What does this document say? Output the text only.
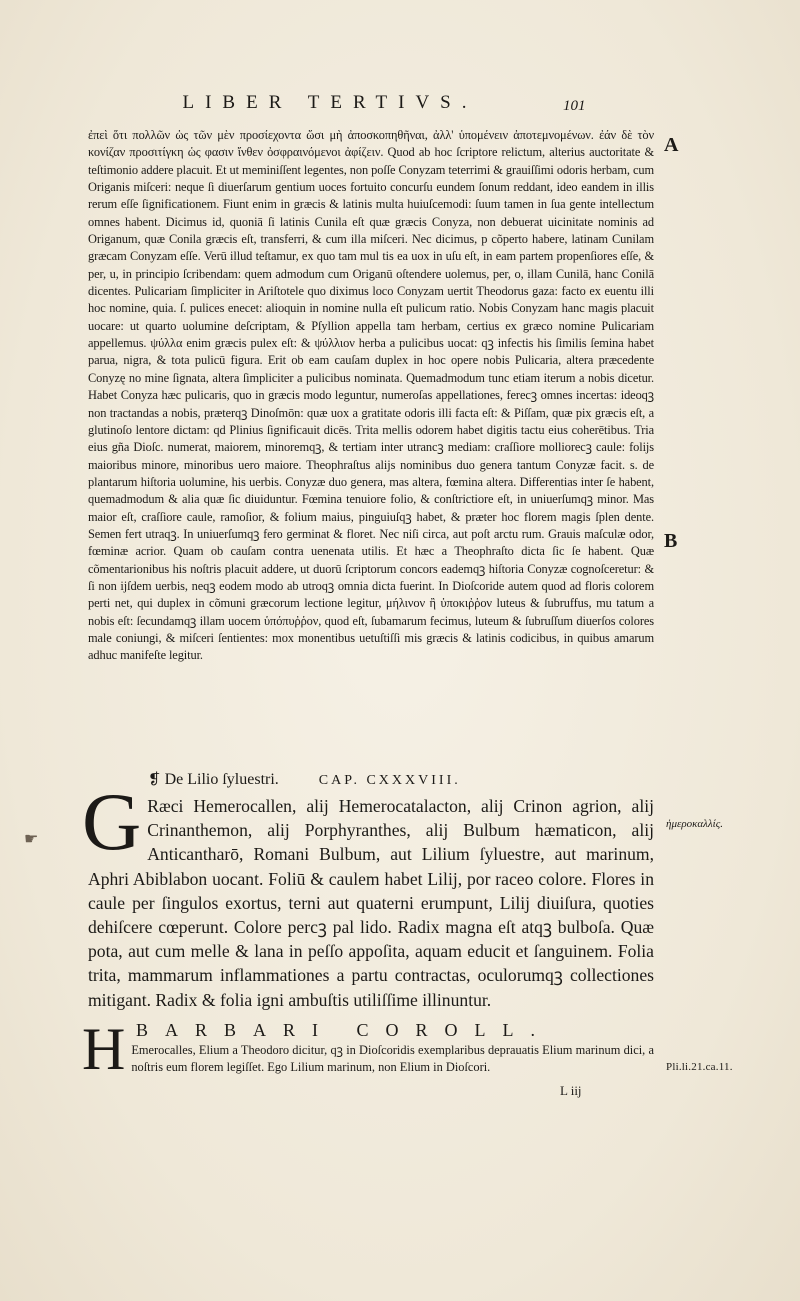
LIBER TERTIVS.	101

ἐπεὶ ὅτι πολλῶν ὡς τῶν μὲν προσίεχοντα ὥσι μὴ ἀποσκοπηθῆναι, ἀλλ' ὑπομένειν ἀποτεμνομένων. ἐάν δὲ τὸν κονίζαν προσιτίγκη ὡς φασιν ἴνθεν ὀσφραινόμενοι ἀφίζειν. Quod ab hoc ſcriptore relictum, alterius auctoritate & teſtimonio addere placuit. Et ut meminiſſent legentes, non poſſe Conyzam teterrimi & grauiſſimi odoris herbam, cum Origanis miſceri: neque ſi diuerſarum gentium uoces fortuito concurſu eundem ſonum reddant, ideo eandem in illis rerum eſſe ſignificationem. Fiunt enim in græcis & latinis multa huiuſcemodi: ſuum tamen in ſua gente intellectum omnes habent. Dicimus id, quoniā ſi latinis Cunila eſt quæ græcis Conyza, non debuerat uicinitate nominis ad Origanum, quæ Conila græcis eſt, transferri, & cum illa miſceri. Nec dicimus, p cõperto habere, latinam Cunilam græcam Conyzam eſſe. Verū illud teſtamur, ex quo tam mul tis ea uox in uſu eſt, in eam partem propenſiores eſſe, & per, u, in principio ſcribendam: quem admodum cum Origanū oſtendere uolemus, per, o, illam Cunilā, hanc Conilā dicentes. Pulicariam ſimpliciter in Ariſtotele quo diximus loco Conyzam uertit Theodorus gaza: facto ex euentu illi hoc nomine, quia. ſ. pulices enecet: alioquin in nomine nulla eſt pulicum ratio. Nobis Conyzam hanc magis placuit uocare: ut quarto uolumine deſcriptam, & Pſyllion appella tam herbam, certius ex græco nomine Pulicariam appellemus. ψύλλα enim græcis pulex eſt: & ψύλλιον herba a pulicibus uocat: qꝫ infectis his ſimilis ſemina habet parua, nigra, & tota pulicū figura. Erit ob eam cauſam duplex in hoc opere nobis Pulicaria, altera præcedente Conyzę no mine ſignata, altera ſimpliciter a pulicibus nominata. Quemadmodum tunc etiam iterum a nobis dicetur. Habet Conyza hæc pulicaris, quo in græcis modo leguntur, numeroſas appellationes, ferecꝫ omnes incertas: ideoqꝫ non tractandas a nobis, præterqꝫ Dinoſmōn: quæ uox a gratitate odoris illi facta eſt: & Piſſam, quæ pix græcis eſt, a glutinoſo lentore dictam: qd Plinius ſignificauit dicēs. Trita mellis odorem habet digitis tactu eius coherētibus. Tria eius gña Dioſc. numerat, maiorem, minoremqꝫ, & tertiam inter utrancꝫ mediam: craſſiore molliorecꝫ caule: folijs maioribus minore, minoribus uero maiore. Theophraſtus alijs nominibus duo genera tantum Conyzæ facit. s. de plantarum hiſtoria uolumine, his uerbis. Conyzæ duo genera, mas altera, fœmina altera. Differentias inter ſe habent, quemadmodum & alia quæ ſic diuiduntur. Fœmina tenuiore folio, & conſtrictiore eſt, in uniuerſumqꝫ minor. Mas maior eſt, craſſiore caule, ramoſior, & folium maius, pinguiuſqꝫ habet, & præter hoc florem magis ſplen dente. Semen fert utraqꝫ. In uniuerſumqꝫ fero germinat & floret. Nec niſi circa, aut poſt arctu rum. Grauis maſculæ odor, fœminæ acrior. Quam ob cauſam contra uenenata utilis. Et hæc a Theophraſto dicta ſic ſe habent. Quæ cõmentarionibus his noſtris placuit addere, ut duorū ſcriptorum concors eademqꝫ hiſtoria Conyzæ cognoſceretur: & ſi non ijſdem uerbis, neqꝫ eodem modo ab utroqꝫ omnia dicta fuerint. In Dioſcoride autem quod ad floris colorem perti net, qui duplex in cõmuni græcorum lectione legitur, μήλινον ἢ ὑποκιῤῥον luteus & ſubruffus, mu tatum a nobis eſt: ſecundamqꝫ illam uocem ὑπόπυῤῥον, quod eſt, ſubamarum fecimus, luteum & ſubruſſum diuerſos colores male coniungi, & miſceri ſentientes: mox monentibus uetuſtiſſi mis græcis & latinis codicibus, in quibus amarum adhuc manifeſte legitur.

A
B
❡ De Lilio ſyluestri.	CAP. CXXXVIII.
☛ G Ræci Hemerocallen, alij Hemerocatalacton, alij Crinon agrion, alij Crinanthemon, alij Porphyranthes, alij Bulbum hæmaticon, alij Anticantharō, Romani Bulbum, aut Lilium ſyluestre, aut marinum, Aphri Abiblabon uocant. Foliū & caulem habet Lilij, por raceo colore. Flores in caule per ſingulos exortus, terni aut quaterni erumpunt, Lilij diuiſura, quoties dehiſcere cœperunt. Colore percꝫ pal lido. Radix magna eſt atqꝫ bulboſa. Quæ pota, aut cum melle & lana in peſſo appoſita, aquam educit et ſanguinem. Folia trita, mammarum inflammationes a partu contractas, oculorumqꝫ collectiones mitigant. Radix & folia igni ambuſtis utiliſſime illinuntur.
ἡμεροκαλλίς.
BARBARI COROLL.
H Emerocalles, Elium a Theodoro dicitur, qꝫ in Dioſcoridis exemplaribus deprauatis Elium marinum dici, a noſtris eum florem legiſſet. Ego Lilium marinum, non Elium in Dioſcori.	Pli.li.21.ca.11.
L iij
